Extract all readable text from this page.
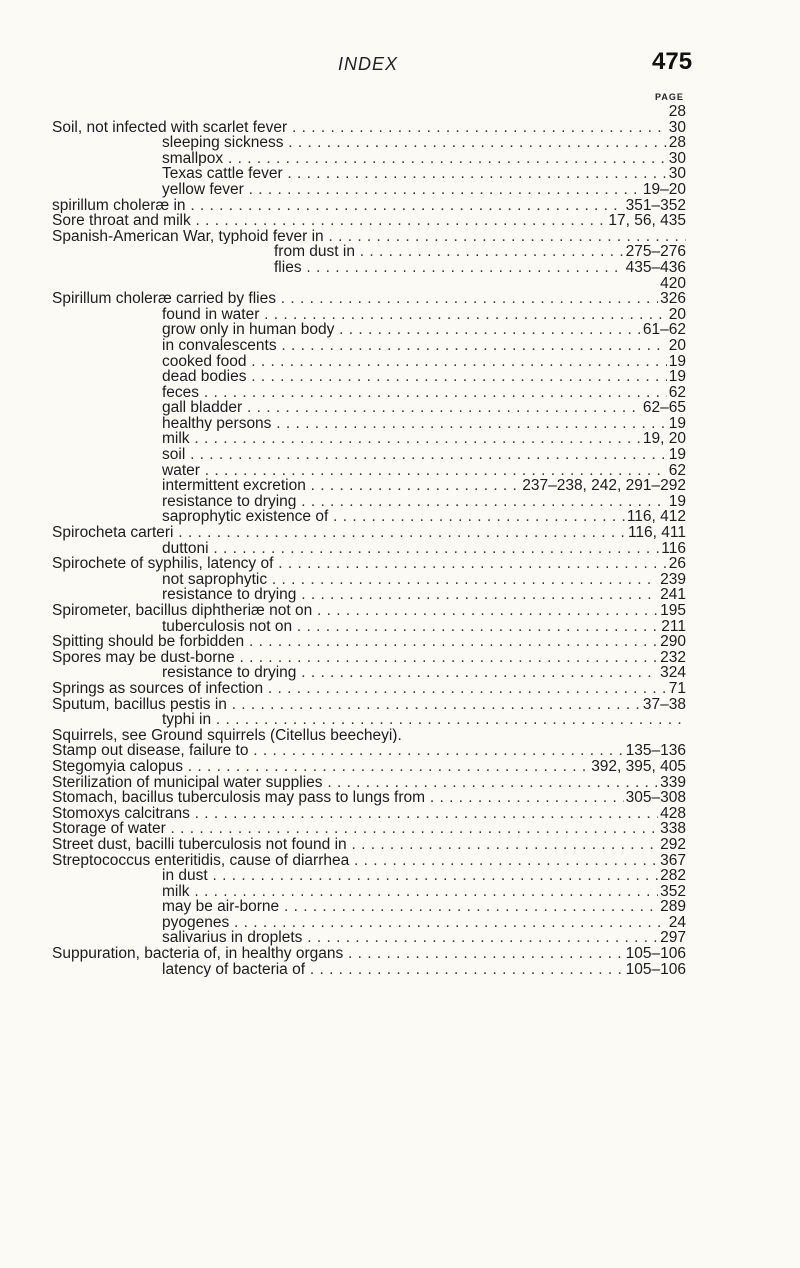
INDEX	475
PAGE
28
Soil, not infected with scarlet fever . . .	30
sleeping sickness . . .	28
smallpox . . .	30
Texas cattle fever . . .	30
yellow fever . . .	19–20
spirillum choleræ in . . .	351–352
Sore throat and milk . . .	17, 56, 435
Spanish-American War, typhoid fever in . . .
from dust in . . .	275–276
flies . . .	435–436
420
Spirillum choleræ carried by flies . . .	326
found in water . . .	20
grow only in human body . . .	61–62
in convalescents . . .	20
cooked food . . .	19
dead bodies . . .	19
feces . . .	62
gall bladder . . .	62–65
healthy persons . . .	19
milk . . .	19, 20
soil . . .	19
water . . .	62
intermittent excretion . . .	237–238, 242, 291–292
resistance to drying . . .	19
saprophytic existence of . . .	116, 412
Spirocheta carteri . . .	116, 411
duttoni . . .	116
Spirochete of syphilis, latency of . . .	26
not saprophytic . . .	239
resistance to drying . . .	241
Spirometer, bacillus diphtheriæ not on . . .	195
tuberculosis not on . . .	211
Spitting should be forbidden . . .	290
Spores may be dust-borne . . .	232
resistance to drying . . .	324
Springs as sources of infection . . .	71
Sputum, bacillus pestis in . . .	37–38
typhi in . . .
Squirrels, see Ground squirrels (Citellus beecheyi).
Stamp out disease, failure to . . .	135–136
Stegomyia calopus . . .	392, 395, 405
Sterilization of municipal water supplies . . .	339
Stomach, bacillus tuberculosis may pass to lungs from . . .	305–308
Stomoxys calcitrans . . .	428
Storage of water . . .	338
Street dust, bacilli tuberculosis not found in . . .	292
Streptococcus enteritidis, cause of diarrhea . . .	367
in dust . . .	282
milk . . .	352
may be air-borne . . .	289
pyogenes . . .	24
salivarius in droplets . . .	297
Suppuration, bacteria of, in healthy organs . . .	105–106
latency of bacteria of . . .	105–106
